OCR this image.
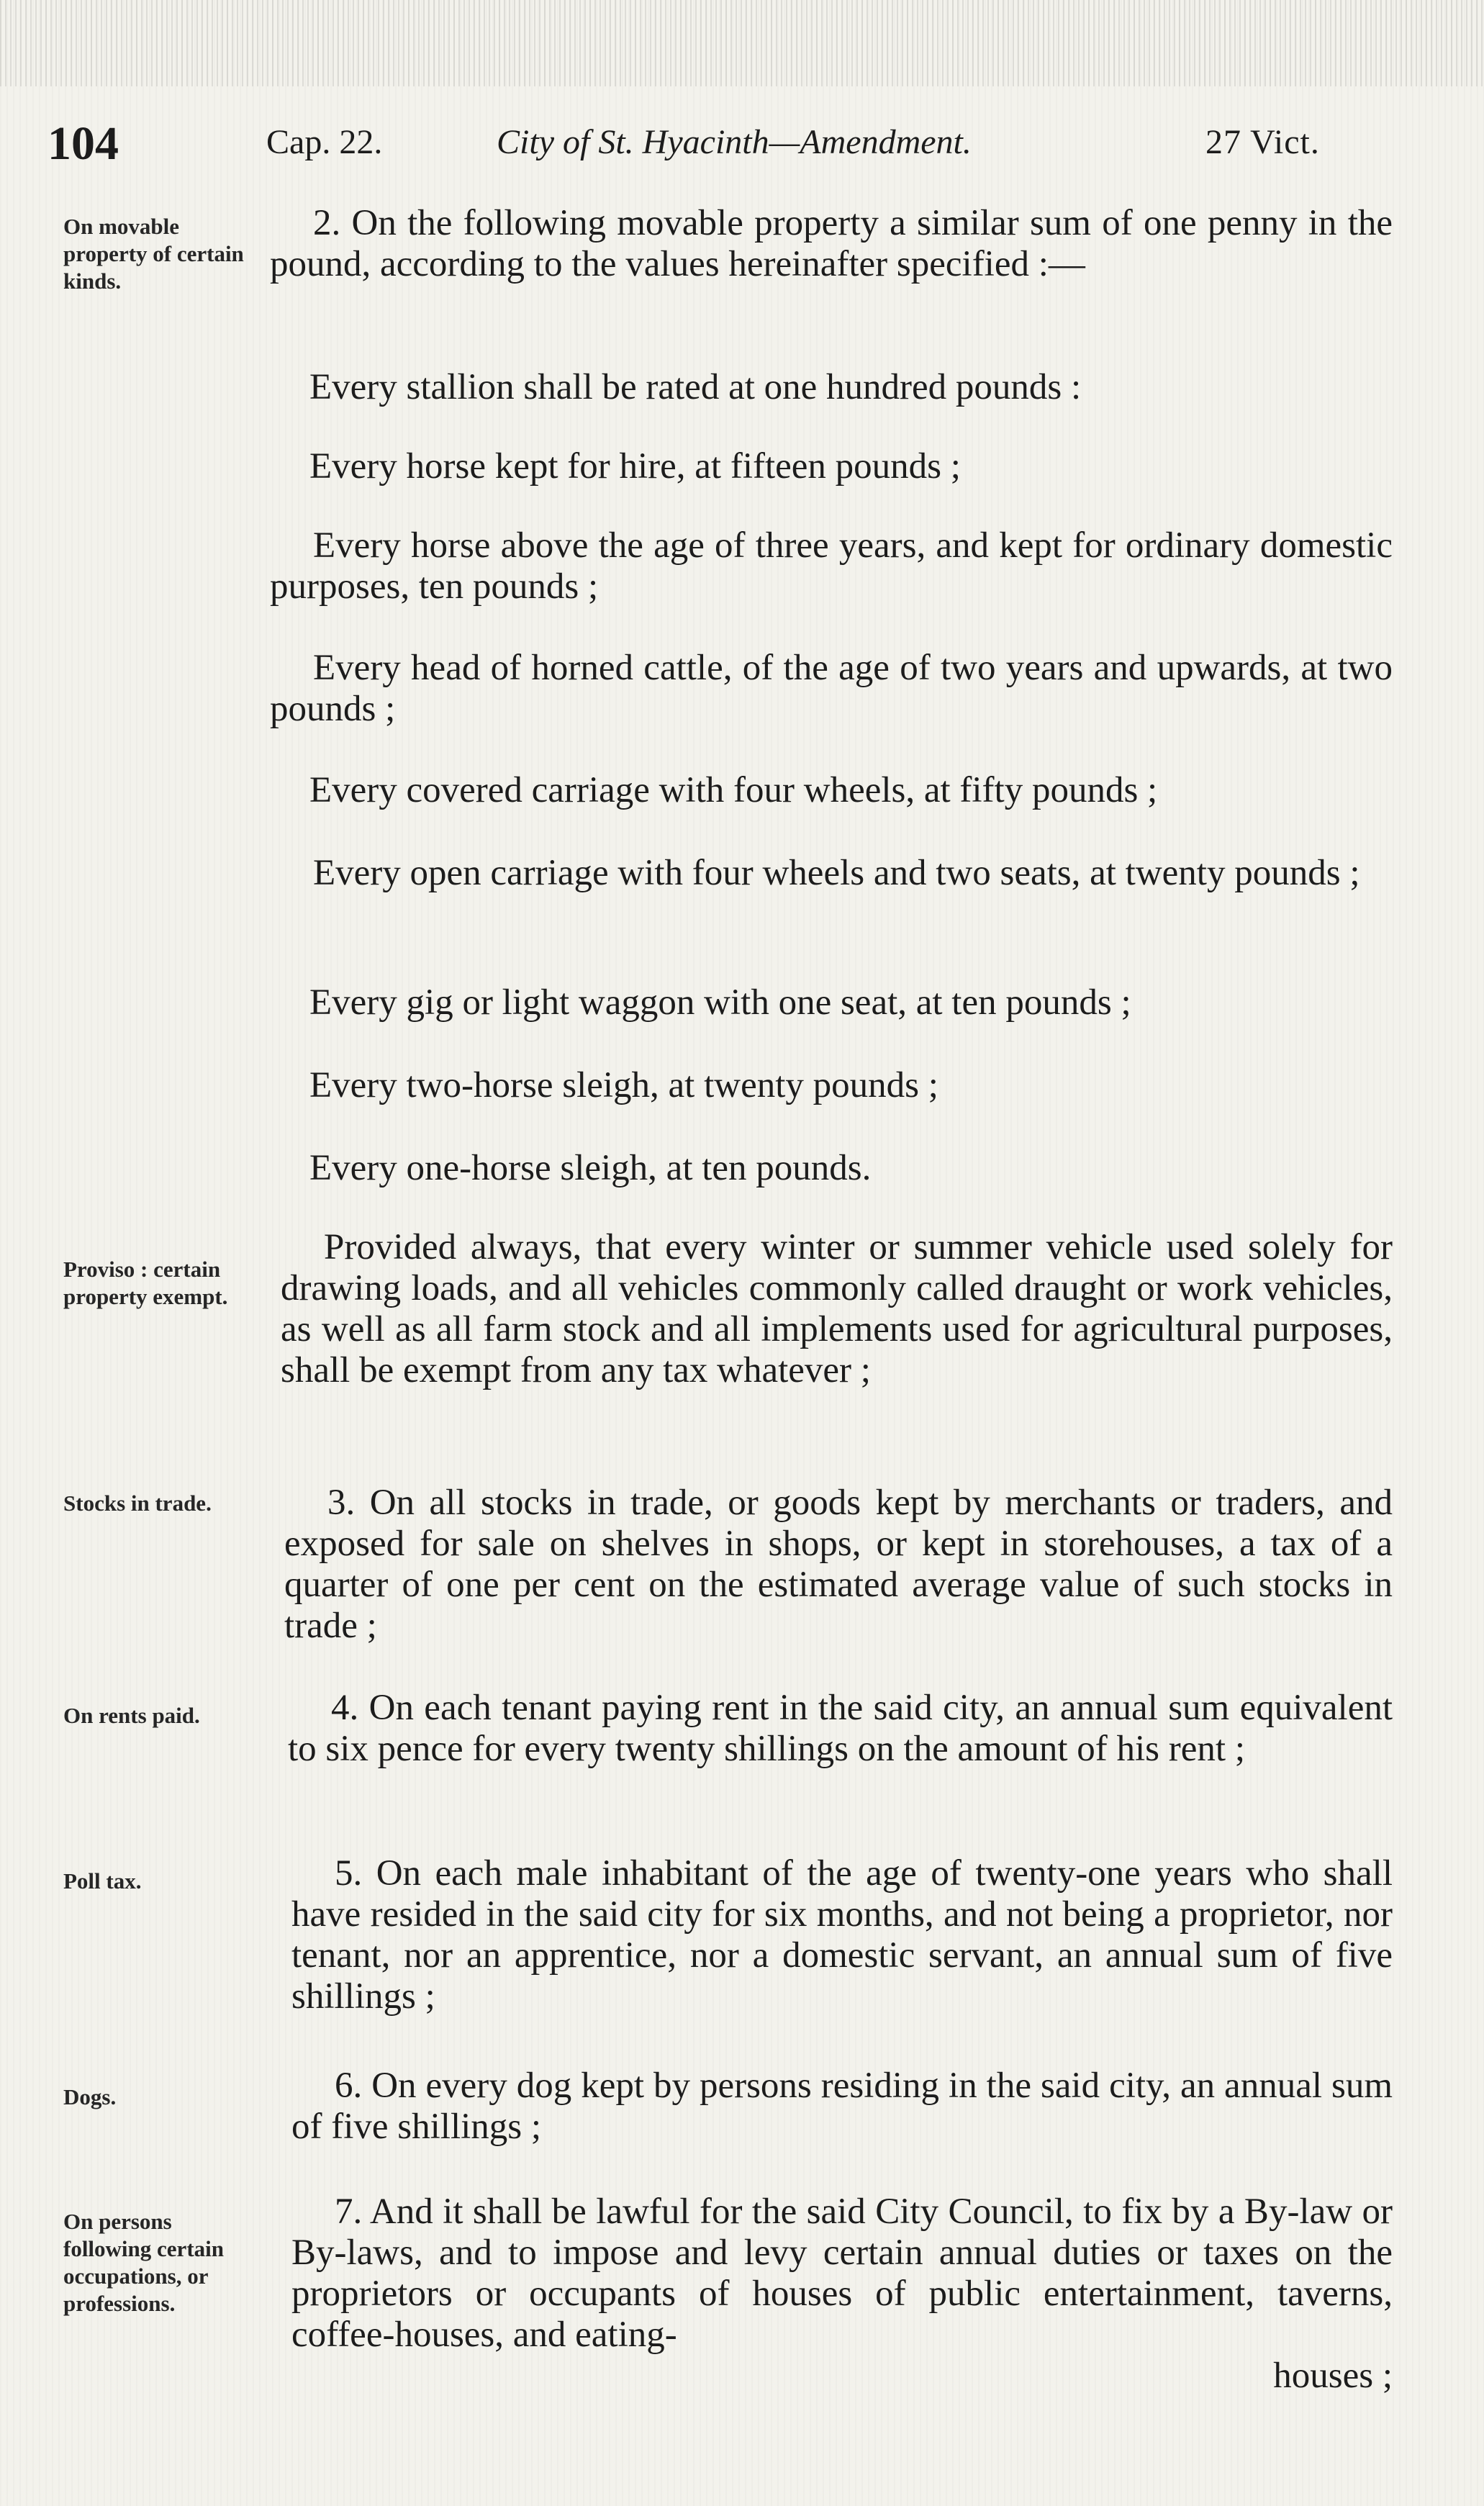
104	Cap. 22.	City of St. Hyacinth—Amendment.	27 Vict.
On movable property of certain kinds.
2. On the following movable property a similar sum of one penny in the pound, according to the values hereinafter specified :—
Every stallion shall be rated at one hundred pounds :
Every horse kept for hire, at fifteen pounds ;
Every horse above the age of three years, and kept for ordinary domestic purposes, ten pounds ;
Every head of horned cattle, of the age of two years and upwards, at two pounds ;
Every covered carriage with four wheels, at fifty pounds ;
Every open carriage with four wheels and two seats, at twenty pounds ;
Every gig or light waggon with one seat, at ten pounds ;
Every two-horse sleigh, at twenty pounds ;
Every one-horse sleigh, at ten pounds.
Proviso : certain property exempt.
Provided always, that every winter or summer vehicle used solely for drawing loads, and all vehicles commonly called draught or work vehicles, as well as all farm stock and all implements used for agricultural purposes, shall be exempt from any tax whatever ;
Stocks in trade.	3. On all stocks in trade, or goods kept by merchants or traders, and exposed for sale on shelves in shops, or kept in storehouses, a tax of a quarter of one per cent on the estimated average value of such stocks in trade ;
On rents paid.	4. On each tenant paying rent in the said city, an annual sum equivalent to six pence for every twenty shillings on the amount of his rent ;
Poll tax.	5. On each male inhabitant of the age of twenty-one years who shall have resided in the said city for six months, and not being a proprietor, nor tenant, nor an apprentice, nor a domestic servant, an annual sum of five shillings ;
Dogs.	6. On every dog kept by persons residing in the said city, an annual sum of five shillings ;
On persons following certain occupations, or professions.
7. And it shall be lawful for the said City Council, to fix by a By-law or By-laws, and to impose and levy certain annual duties or taxes on the proprietors or occupants of houses of public entertainment, taverns, coffee-houses, and eating-
houses ;
